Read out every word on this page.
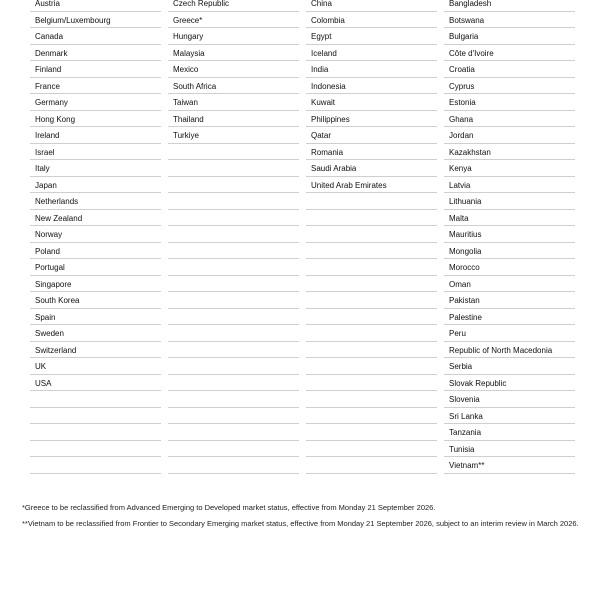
Austria
Belgium/Luxembourg
Canada
Denmark
Finland
France
Germany
Hong Kong
Ireland
Israel
Italy
Japan
Netherlands
New Zealand
Norway
Poland
Portugal
Singapore
South Korea
Spain
Sweden
Switzerland
UK
USA
Czech Republic
Greece*
Hungary
Malaysia
Mexico
South Africa
Taiwan
Thailand
Turkiye
China
Colombia
Egypt
Iceland
India
Indonesia
Kuwait
Philippines
Qatar
Romania
Saudi Arabia
United Arab Emirates
Bangladesh
Botswana
Bulgaria
Côte d'Ivoire
Croatia
Cyprus
Estonia
Ghana
Jordan
Kazakhstan
Kenya
Latvia
Lithuania
Malta
Mauritius
Mongolia
Morocco
Oman
Pakistan
Palestine
Peru
Republic of North Macedonia
Serbia
Slovak Republic
Slovenia
Sri Lanka
Tanzania
Tunisia
Vietnam**

*Greece to be reclassified from Advanced Emerging to Developed market status, effective from Monday 21 September 2026.

**Vietnam to be reclassified from Frontier to Secondary Emerging market status, effective from Monday 21 September 2026, subject to an interim review in March 2026.
